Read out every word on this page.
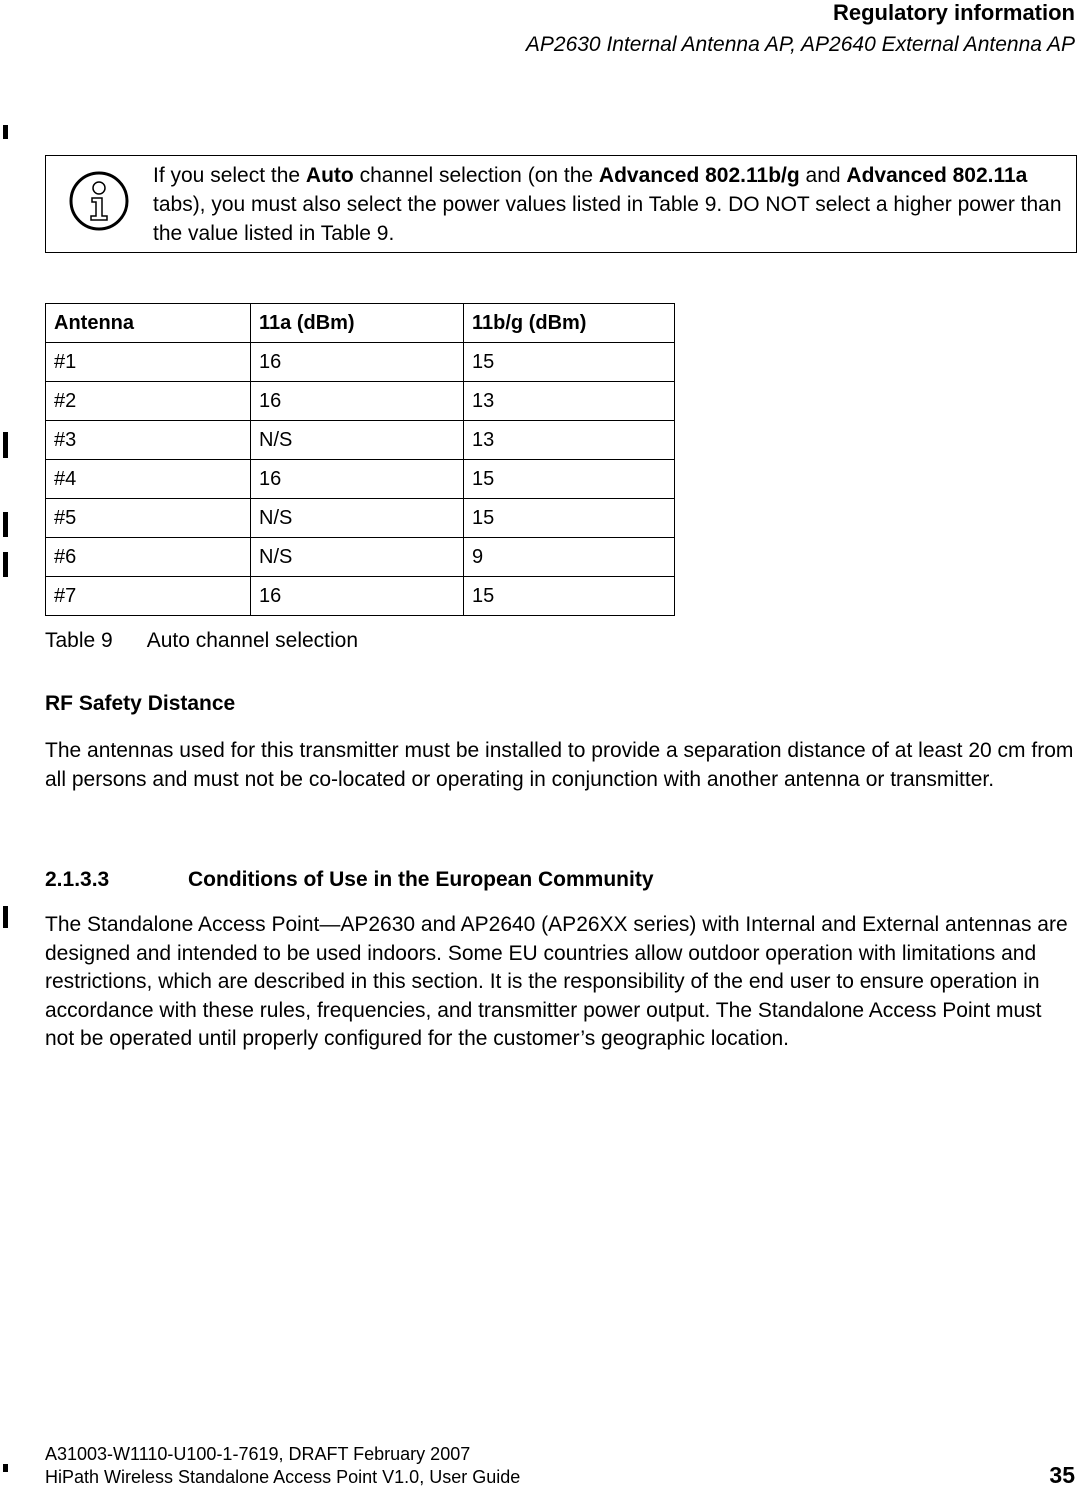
Regulatory information
AP2630 Internal Antenna AP, AP2640 External Antenna AP
If you select the Auto channel selection (on the Advanced 802.11b/g and Advanced 802.11a tabs), you must also select the power values listed in Table 9. DO NOT select a higher power than the value listed in Table 9.
Antenna	11a (dBm)	11b/g (dBm)
#1	16	15
#2	16	13
#3	N/S	13
#4	16	15
#5	N/S	15
#6	N/S	9
#7	16	15
Table 9 Auto channel selection
RF Safety Distance
The antennas used for this transmitter must be installed to provide a separation distance of at least 20 cm from all persons and must not be co-located or operating in conjunction with another antenna or transmitter.
2.1.3.3	Conditions of Use in the European Community
The Standalone Access Point—AP2630 and AP2640 (AP26XX series) with Internal and External antennas are designed and intended to be used indoors. Some EU countries allow outdoor operation with limitations and restrictions, which are described in this section. It is the responsibility of the end user to ensure operation in accordance with these rules, frequencies, and transmitter power output. The Standalone Access Point must not be operated until properly configured for the customer’s geographic location.
A31003-W1110-U100-1-7619, DRAFT February 2007
HiPath Wireless Standalone Access Point V1.0, User Guide	35
